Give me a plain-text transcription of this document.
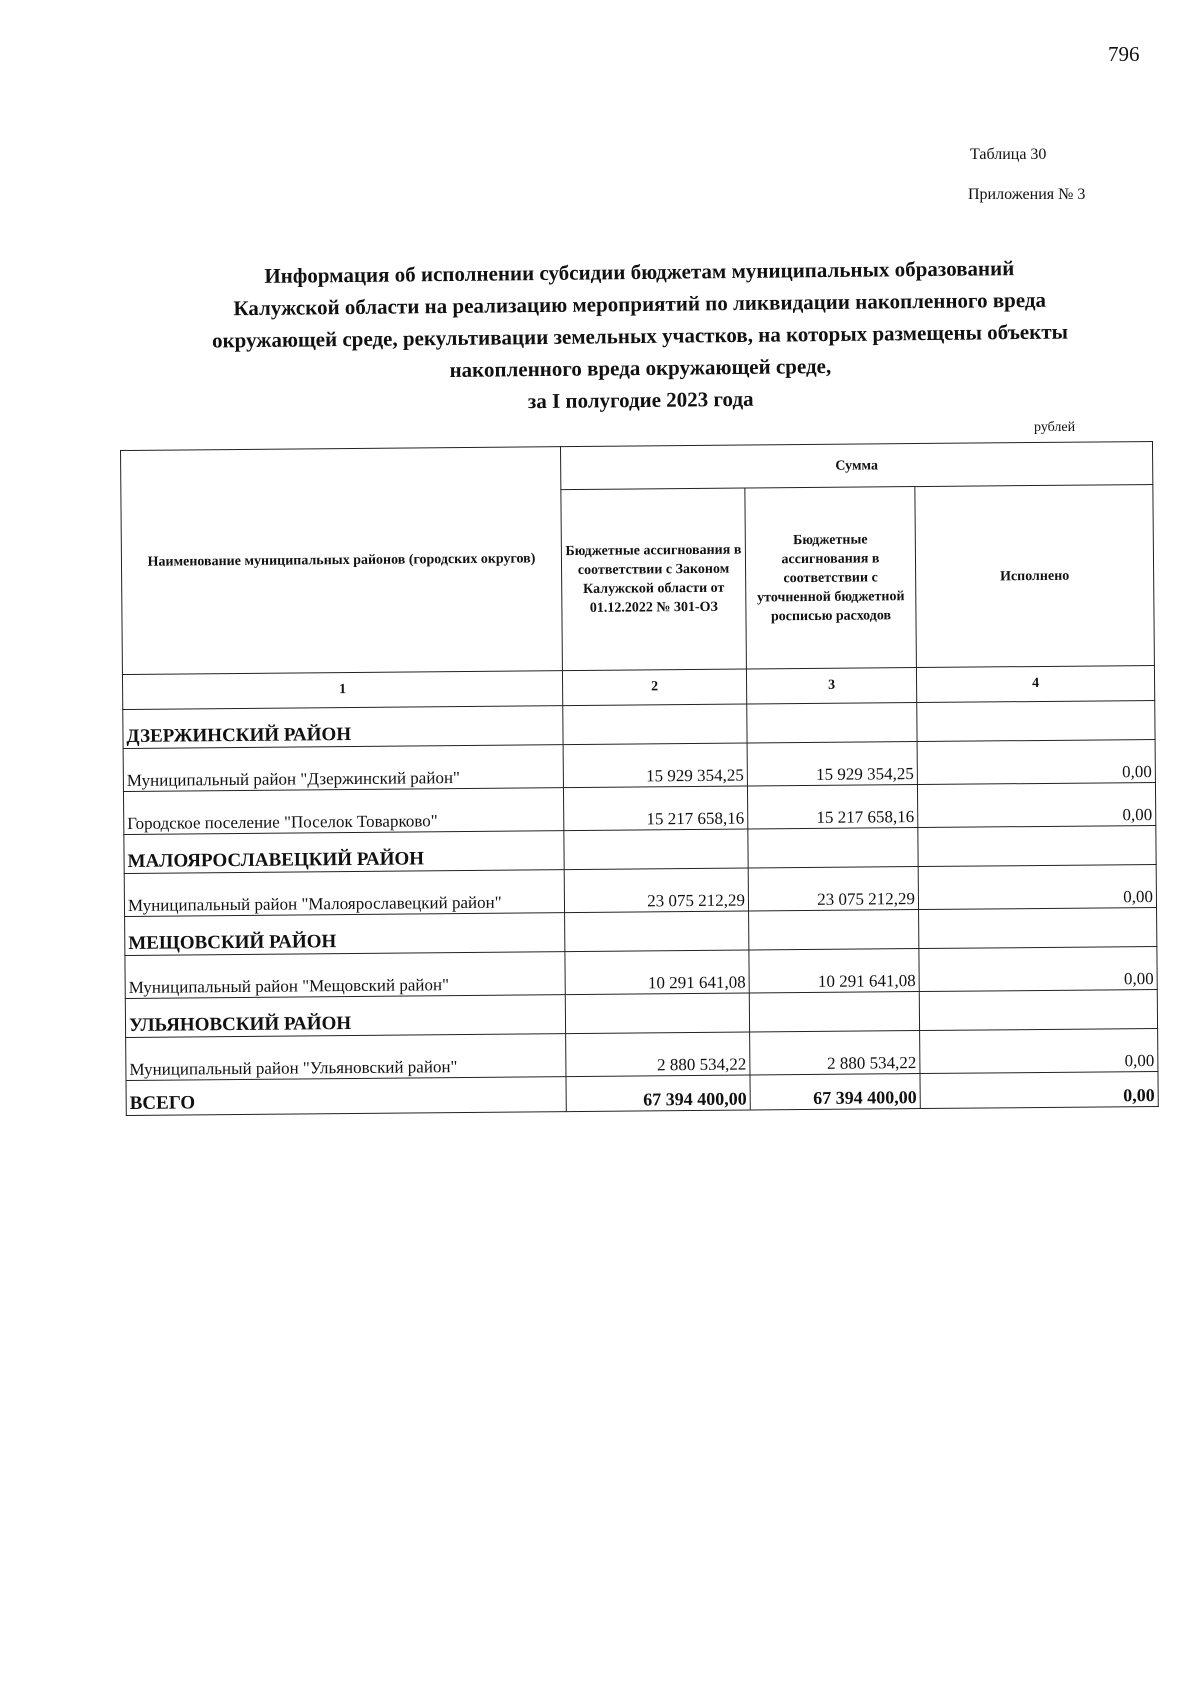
796
Таблица 30
Приложения № 3
Информация об исполнении субсидии бюджетам муниципальных образований
Калужской области на реализацию мероприятий по ликвидации накопленного вреда
окружающей среде, рекультивации земельных участков, на которых размещены объекты
накопленного вреда окружающей среде,
за I полугодие 2023 года
рублей
Наименование муниципальных районов (городских округов)	Сумма		
	Бюджетные ассигнования в соответствии с Законом Калужской области от 01.12.2022 № 301-ОЗ	Бюджетные ассигнования в соответствии с уточненной бюджетной росписью расходов	Исполнено
1	2	3	4
ДЗЕРЖИНСКИЙ РАЙОН			
Муниципальный район "Дзержинский район"	15 929 354,25	15 929 354,25	0,00
Городское поселение "Поселок Товарково"	15 217 658,16	15 217 658,16	0,00
МАЛОЯРОСЛАВЕЦКИЙ РАЙОН			
Муниципальный район "Малоярославецкий район"	23 075 212,29	23 075 212,29	0,00
МЕЩОВСКИЙ РАЙОН			
Муниципальный район "Мещовский район"	10 291 641,08	10 291 641,08	0,00
УЛЬЯНОВСКИЙ РАЙОН			
Муниципальный район "Ульяновский район"	2 880 534,22	2 880 534,22	0,00
ВСЕГО	67 394 400,00	67 394 400,00	0,00
